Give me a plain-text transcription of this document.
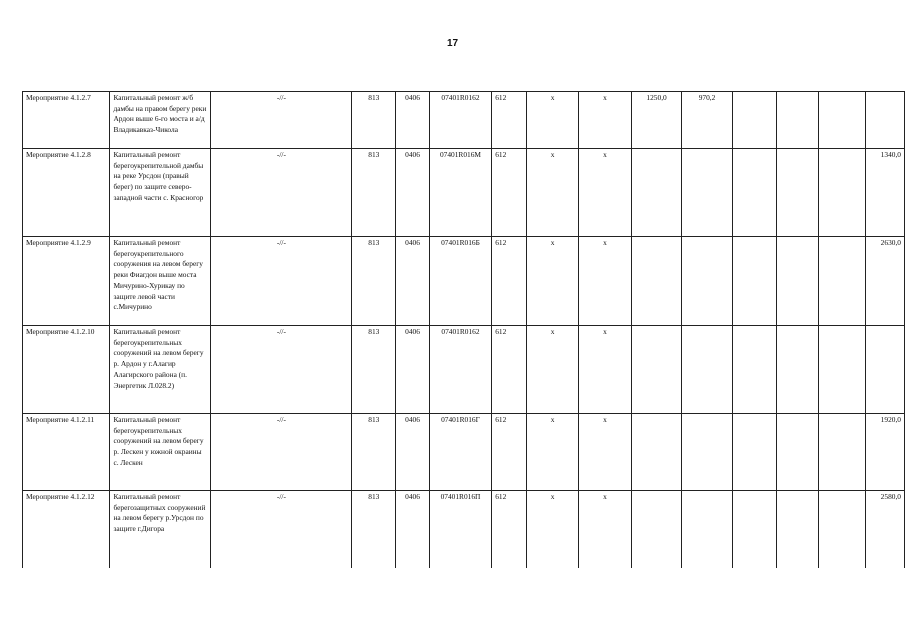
17
Мероприятие 4.1.2.7	Капитальный ремонт ж/б дамбы на правом берегу реки Ардон выше 6-го моста и а/д Владикавказ-Чикола	-//-	813	0406	07401R0162	612	х	х	1250,0	970,2				
Мероприятие 4.1.2.8	Капитальный ремонт берегоукрепительной дамбы на реке Урсдон (правый берег) по защите северо-западной части с. Красногор	-//-	813	0406	07401R016М	612	х	х						1340,0
Мероприятие 4.1.2.9	Капитальный ремонт берегоукрепительного сооружения на левом берегу реки Фиагдон выше моста Мичурино-Хурикау по защите левой части с.Мичурино	-//-	813	0406	07401R016Б	612	х	х						2630,0
Мероприятие 4.1.2.10	Капитальный ремонт берегоукрепительных сооружений на левом берегу р. Ардон у г.Алагир Алагирского района (п. Энергетик Л.028.2)	-//-	813	0406	07401R0162	612	х	х						
Мероприятие 4.1.2.11	Капитальный ремонт берегоукрепительных сооружений на левом берегу р. Лескен у южной окраины с. Лескен	-//-	813	0406	07401R016Г	612	х	х						1920,0
Мероприятие 4.1.2.12	Капитальный ремонт берегозащитных сооружений на левом берегу р.Урсдон по защите г.Дигора	-//-	813	0406	07401R016П	612	х	х						2580,0
